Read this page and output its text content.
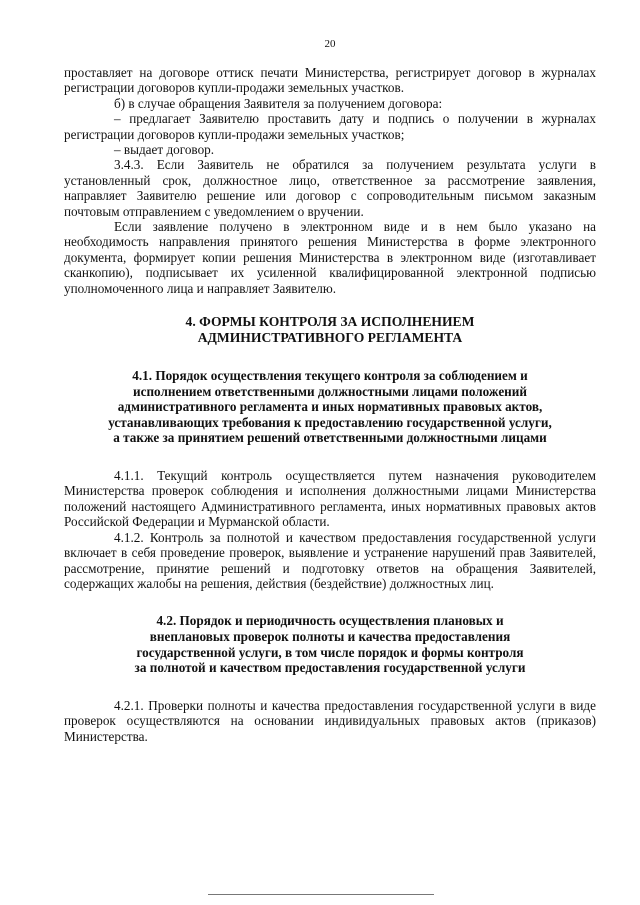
20

проставляет на договоре оттиск печати Министерства, регистрирует договор в журналах регистрации договоров купли-продажи земельных участков.

б) в случае обращения Заявителя за получением договора:

– предлагает Заявителю проставить дату и подпись о получении в журналах регистрации договоров купли-продажи земельных участков;

– выдает договор.

3.4.3. Если Заявитель не обратился за получением результата услуги в установленный срок, должностное лицо, ответственное за рассмотрение заявления, направляет Заявителю решение или договор с сопроводительным письмом заказным почтовым отправлением с уведомлением о вручении.

Если заявление получено в электронном виде и в нем было указано на необходимость направления принятого решения Министерства в форме электронного документа, формирует копии решения Министерства в электронном виде (изготавливает сканкопию), подписывает их усиленной квалифицированной электронной подписью уполномоченного лица и направляет Заявителю.

4. ФОРМЫ КОНТРОЛЯ ЗА ИСПОЛНЕНИЕМ
АДМИНИСТРАТИВНОГО РЕГЛАМЕНТА
4.1. Порядок осуществления текущего контроля за соблюдением и
исполнением ответственными должностными лицами положений
административного регламента и иных нормативных правовых актов,
устанавливающих требования к предоставлению государственной услуги,
а также за принятием решений ответственными должностными лицами

4.1.1. Текущий контроль осуществляется путем назначения руководителем Министерства проверок соблюдения и исполнения должностными лицами Министерства положений настоящего Административного регламента, иных нормативных правовых актов Российской Федерации и Мурманской области.

4.1.2. Контроль за полнотой и качеством предоставления государственной услуги включает в себя проведение проверок, выявление и устранение нарушений прав Заявителей, рассмотрение, принятие решений и подготовку ответов на обращения Заявителей, содержащих жалобы на решения, действия (бездействие) должностных лиц.

4.2. Порядок и периодичность осуществления плановых и
внеплановых проверок полноты и качества предоставления
государственной услуги, в том числе порядок и формы контроля
за полнотой и качеством предоставления государственной услуги

4.2.1. Проверки полноты и качества предоставления государственной услуги в виде проверок осуществляются на основании индивидуальных правовых актов (приказов) Министерства.
